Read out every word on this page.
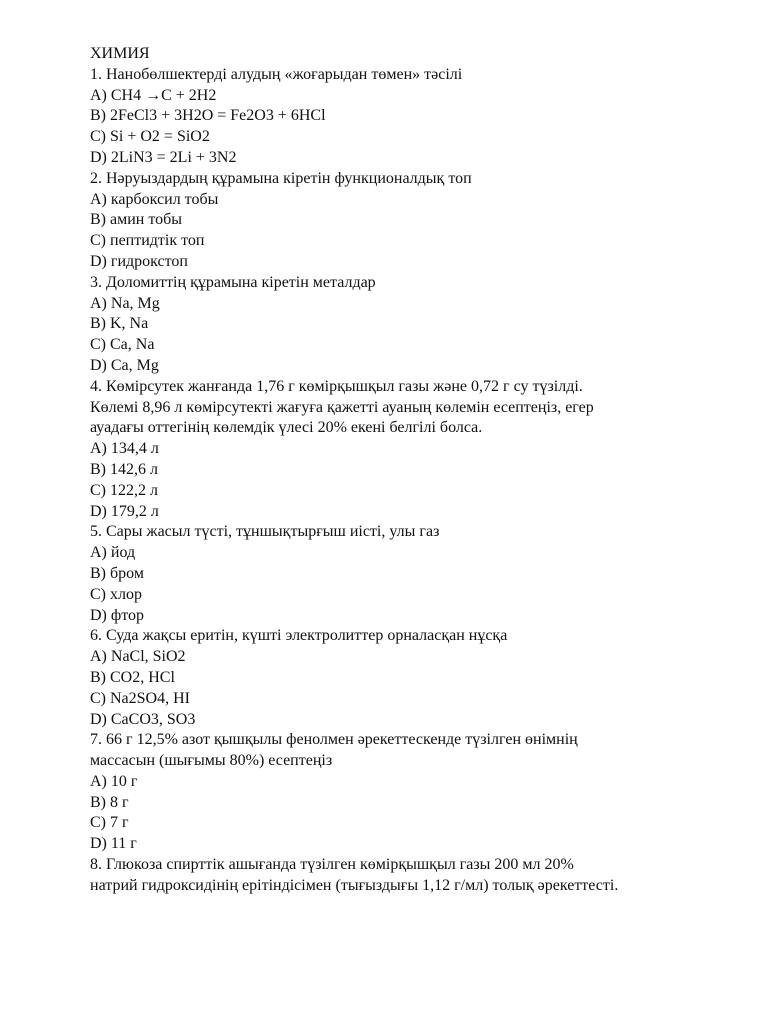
ХИМИЯ
1. Нанобөлшектерді алудың «жоғарыдан төмен» тәсілі
A) CH4 →C + 2H2
B) 2FeCl3 + 3H2O = Fe2O3 + 6HCl
C) Si + O2 = SiO2
D) 2LiN3 = 2Li + 3N2
2. Нәруыздардың құрамына кіретін функционалдық топ
A) карбоксил тобы
B) амин тобы
C) пептидтік топ
D) гидрокстоп
3. Доломиттің құрамына кіретін металдар
A) Na, Mg
B) K, Na
C) Ca, Na
D) Ca, Mg
4. Көмірсутек жанғанда 1,76 г көмірқышқыл газы және 0,72 г су түзілді.
Көлемі 8,96 л көмірсутекті жағуға қажетті ауаның көлемін есептеңіз, егер
ауадағы оттегінің көлемдік үлесі 20% екені белгілі болса.
A) 134,4 л
B) 142,6 л
C) 122,2 л
D) 179,2 л
5. Сары жасыл түсті, тұншықтырғыш иісті, улы газ
A) йод
B) бром
C) хлор
D) фтор
6. Суда жақсы еритін, күшті электролиттер орналасқан нұсқа
A) NaCl, SiO2
B) CO2, HCl
C) Na2SO4, HI
D) CaCO3, SO3
7. 66 г 12,5% азот қышқылы фенолмен әрекеттескенде түзілген өнімнің
массасын (шығымы 80%) есептеңіз
A) 10 г
B) 8 г
C) 7 г
D) 11 г
8. Глюкоза спирттік ашығанда түзілген көмірқышқыл газы 200 мл 20%
натрий гидроксидінің ерітіндісімен (тығыздығы 1,12 г/мл) толық әрекеттесті.
